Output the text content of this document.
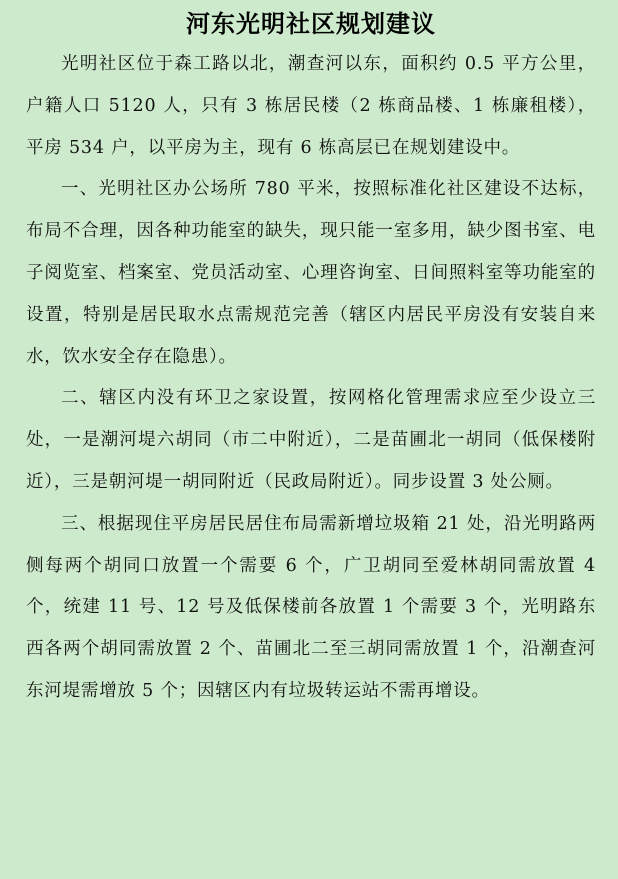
河东光明社区规划建议

光明社区位于森工路以北，潮查河以东，面积约 0.5 平方公里，户籍人口 5120 人，只有 3 栋居民楼（2 栋商品楼、1 栋廉租楼），平房 534 户，以平房为主，现有 6 栋高层已在规划建设中。

一、光明社区办公场所 780 平米，按照标准化社区建设不达标，布局不合理，因各种功能室的缺失，现只能一室多用，缺少图书室、电子阅览室、档案室、党员活动室、心理咨询室、日间照料室等功能室的设置，特别是居民取水点需规范完善（辖区内居民平房没有安装自来水，饮水安全存在隐患）。

二、辖区内没有环卫之家设置，按网格化管理需求应至少设立三处，一是潮河堤六胡同（市二中附近），二是苗圃北一胡同（低保楼附近），三是朝河堤一胡同附近（民政局附近）。同步设置 3 处公厕。

三、根据现住平房居民居住布局需新增垃圾箱 21 处，沿光明路两侧每两个胡同口放置一个需要 6 个，广卫胡同至爱林胡同需放置 4 个，统建 11 号、12 号及低保楼前各放置 1 个需要 3 个，光明路东西各两个胡同需放置 2 个、苗圃北二至三胡同需放置 1 个，沿潮查河东河堤需增放 5 个；因辖区内有垃圾转运站不需再增设。
